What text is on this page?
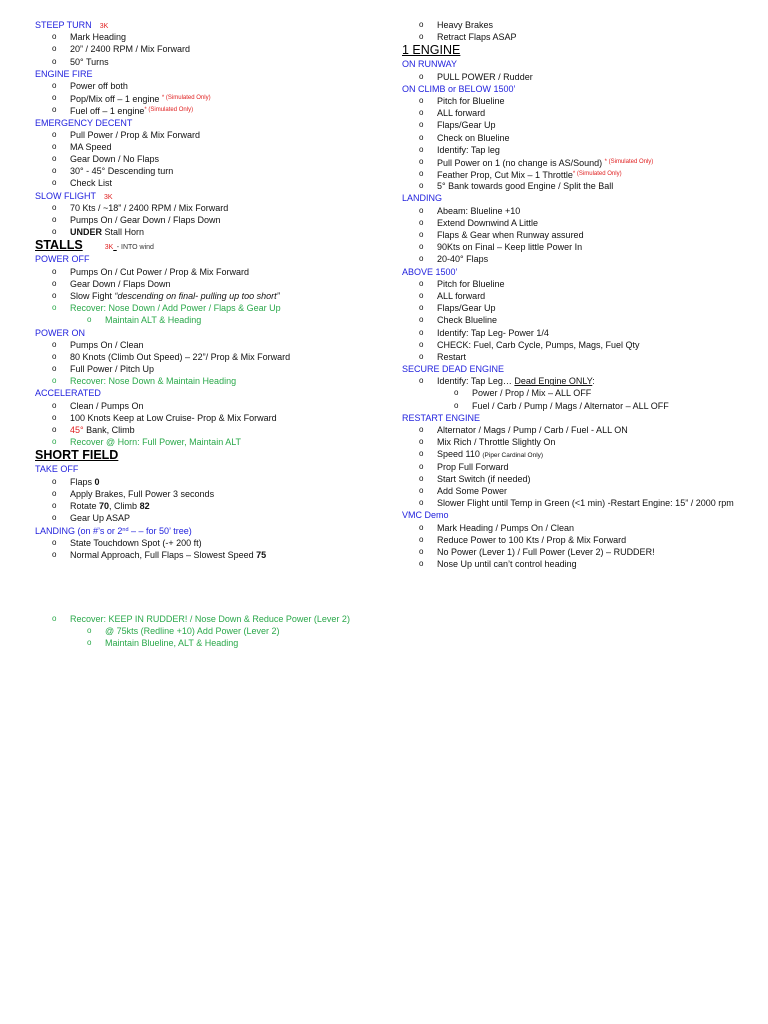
STEEP TURN 3K
o Mark Heading
o 20” / 2400 RPM / Mix Forward
o 50° Turns
ENGINE FIRE
o Power off both
o Pop/Mix off – 1 engine $^{* (Simulated Only)}$
o Fuel off – 1 engine$^{* (Simulated Only)}$
EMERGENCY DECENT
o Pull Power / Prop & Mix Forward
o MA Speed
o Gear Down / No Flaps
o 30° - 45° Descending turn
o Check List
SLOW FLIGHT 3K
o 70 Kts / ~18” / 2400 RPM / Mix Forward
o Pumps On / Gear Down / Flaps Down
o UNDER Stall Horn
STALLS	3K - INTO wind
POWER OFF
o Pumps On / Cut Power / Prop & Mix Forward
o Gear Down / Flaps Down
o Slow Fight “descending on final- pulling up too short”
o Recover: Nose Down / Add Power / Flaps & Gear Up
o Maintain ALT & Heading
POWER ON
o Pumps On / Clean
o 80 Knots (Climb Out Speed) – 22”/ Prop & Mix Forward
o Full Power / Pitch Up
o Recover: Nose Down & Maintain Heading
ACCELERATED
o Clean / Pumps On
o 100 Knots Keep at Low Cruise- Prop & Mix Forward
o 45° Bank, Climb
o Recover @ Horn: Full Power, Maintain ALT
SHORT FIELD
TAKE OFF
o Flaps 0
o Apply Brakes, Full Power 3 seconds
o Rotate 70, Climb 82
o Gear Up ASAP
LANDING (on #’s or 2nd – – for 50’ tree)
o State Touchdown Spot (-+ 200 ft)
o Normal Approach, Full Flaps – Slowest Speed 75
o Recover: KEEP IN RUDDER! / Nose Down & Reduce Power (Lever 2)
o @ 75kts (Redline +10) Add Power (Lever 2)
o Maintain Blueline, ALT & Heading
o Heavy Brakes
o Retract Flaps ASAP
1 ENGINE
ON RUNWAY
o PULL POWER / Rudder
ON CLIMB or BELOW 1500’
o Pitch for Blueline
o ALL forward
o Flaps/Gear Up
o Check on Blueline
o Identify: Tap leg
o Pull Power on 1 (no change is AS/Sound) $^{* (Simulated Only)}$
o Feather Prop, Cut Mix – 1 Throttle$^{* (Simulated Only)}$
o 5° Bank towards good Engine / Split the Ball
LANDING
o Abeam: Blueline +10
o Extend Downwind A Little
o Flaps & Gear when Runway assured
o 90Kts on Final – Keep little Power In
o 20-40° Flaps
ABOVE 1500’
o Pitch for Blueline
o ALL forward
o Flaps/Gear Up
o Check Blueline
o Identify: Tap Leg- Power 1/4
o CHECK: Fuel, Carb Cycle, Pumps, Mags, Fuel Qty
o Restart
SECURE DEAD ENGINE
o Identify: Tap Leg… Dead Engine ONLY:
o Power / Prop / Mix – ALL OFF
o Fuel / Carb / Pump / Mags / Alternator – ALL OFF
RESTART ENGINE
o Alternator / Mags / Pump / Carb / Fuel - ALL ON
o Mix Rich / Throttle Slightly On
o Speed 110 (Piper Cardinal Only)
o Prop Full Forward
o Start Switch (if needed)
o Add Some Power
o Slower Flight until Temp in Green (<1 min) -Restart Engine: 15” / 2000 rpm
VMC Demo
o Mark Heading / Pumps On / Clean
o Reduce Power to 100 Kts / Prop & Mix Forward
o No Power (Lever 1) / Full Power (Lever 2) – RUDDER!
o Nose Up until can’t control heading
